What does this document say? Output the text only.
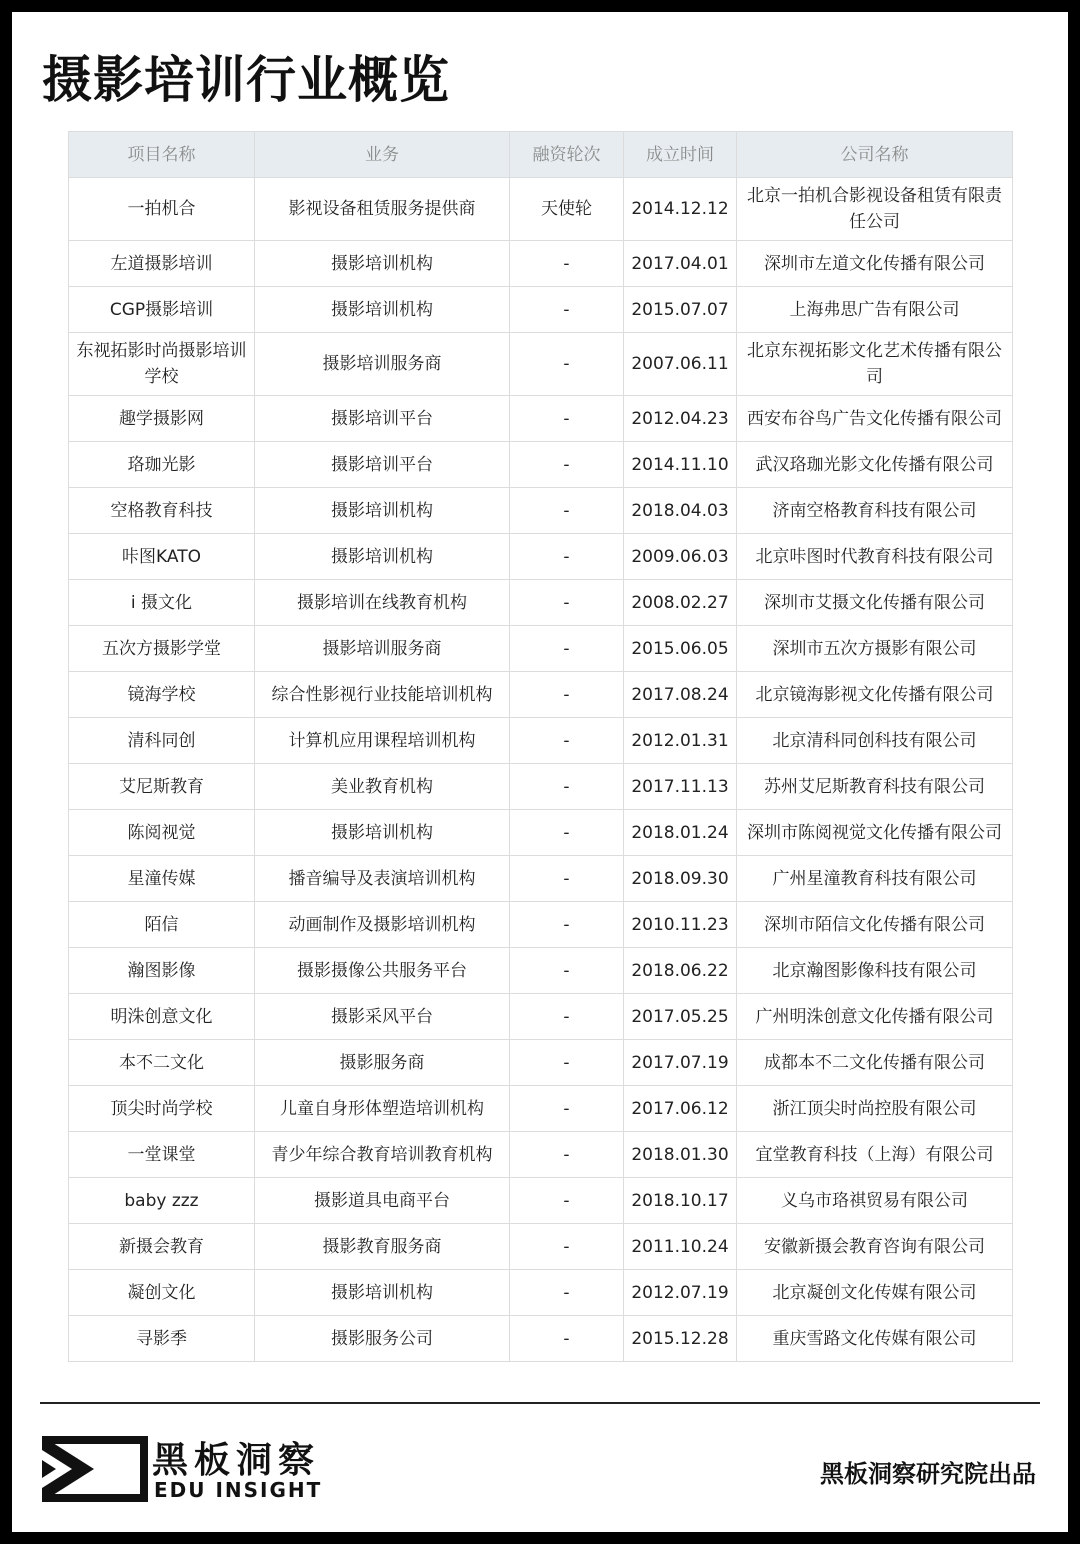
摄影培训行业概览
项目名称	业务	融资轮次	成立时间	公司名称
一拍机合	影视设备租赁服务提供商	天使轮	2014.12.12	北京一拍机合影视设备租赁有限责任公司
左道摄影培训	摄影培训机构	-	2017.04.01	深圳市左道文化传播有限公司
CGP摄影培训	摄影培训机构	-	2015.07.07	上海弗思广告有限公司
东视拓影时尚摄影培训学校	摄影培训服务商	-	2007.06.11	北京东视拓影文化艺术传播有限公司
趣学摄影网	摄影培训平台	-	2012.04.23	西安布谷鸟广告文化传播有限公司
珞珈光影	摄影培训平台	-	2014.11.10	武汉珞珈光影文化传播有限公司
空格教育科技	摄影培训机构	-	2018.04.03	济南空格教育科技有限公司
咔图KATO	摄影培训机构	-	2009.06.03	北京咔图时代教育科技有限公司
i 摄文化	摄影培训在线教育机构	-	2008.02.27	深圳市艾摄文化传播有限公司
五次方摄影学堂	摄影培训服务商	-	2015.06.05	深圳市五次方摄影有限公司
镜海学校	综合性影视行业技能培训机构	-	2017.08.24	北京镜海影视文化传播有限公司
清科同创	计算机应用课程培训机构	-	2012.01.31	北京清科同创科技有限公司
艾尼斯教育	美业教育机构	-	2017.11.13	苏州艾尼斯教育科技有限公司
陈阅视觉	摄影培训机构	-	2018.01.24	深圳市陈阅视觉文化传播有限公司
星潼传媒	播音编导及表演培训机构	-	2018.09.30	广州星潼教育科技有限公司
陌信	动画制作及摄影培训机构	-	2010.11.23	深圳市陌信文化传播有限公司
瀚图影像	摄影摄像公共服务平台	-	2018.06.22	北京瀚图影像科技有限公司
明洙创意文化	摄影采风平台	-	2017.05.25	广州明洙创意文化传播有限公司
本不二文化	摄影服务商	-	2017.07.19	成都本不二文化传播有限公司
顶尖时尚学校	儿童自身形体塑造培训机构	-	2017.06.12	浙江顶尖时尚控股有限公司
一堂课堂	青少年综合教育培训教育机构	-	2018.01.30	宜堂教育科技（上海）有限公司
baby zzz	摄影道具电商平台	-	2018.10.17	义乌市珞祺贸易有限公司
新摄会教育	摄影教育服务商	-	2011.10.24	安徽新摄会教育咨询有限公司
凝创文化	摄影培训机构	-	2012.07.19	北京凝创文化传媒有限公司
寻影季	摄影服务公司	-	2015.12.28	重庆雪路文化传媒有限公司
黑板洞察
EDU INSIGHT
黑板洞察研究院出品
